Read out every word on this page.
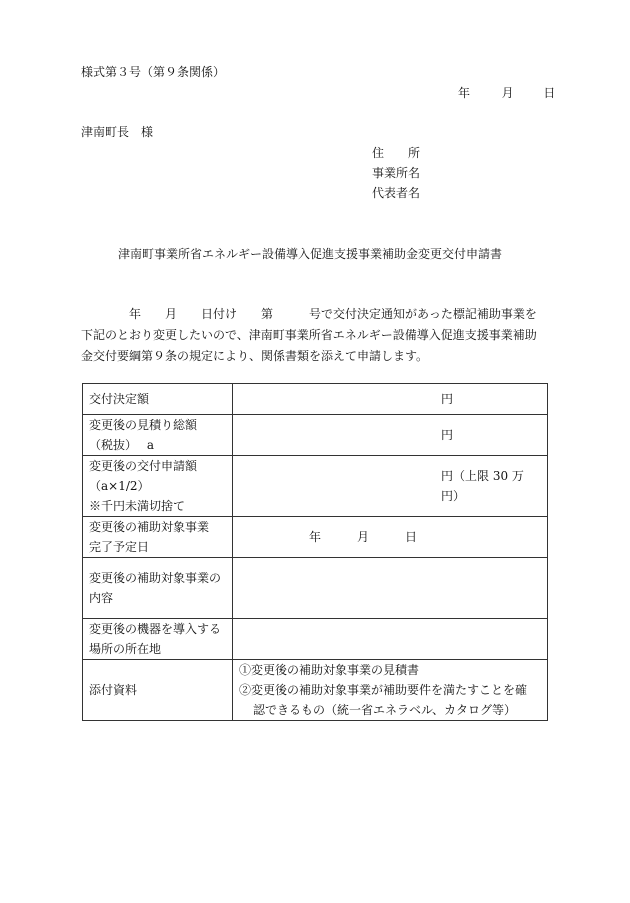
様式第３号（第９条関係）
年	月 日
津南町長　様
住　　所
事業所名
代表者名
津南町事業所省エネルギー設備導入促進支援事業補助金変更交付申請書
　　　　年　　月　　日付け　　第　　　号で交付決定通知があった標記補助事業を
下記のとおり変更したいので、津南町事業所省エネルギー設備導入促進支援事業補助
金交付要綱第９条の規定により、関係書類を添えて申請します。
交付決定額	円

変更後の見積り総額
（税抜）　 a	円

変更後の交付申請額
（a×1/2）
※千円未満切捨て	円（上限 30 万円）

変更後の補助対象事業
完了予定日	年　　　月　　　日

変更後の補助対象事業の
内容	

変更後の機器を導入する
場所の所在地	

添付資料	①変更後の補助対象事業の見積書
②変更後の補助対象事業が補助要件を満たすことを確
認できるもの（統一省エネラベル、カタログ等）
